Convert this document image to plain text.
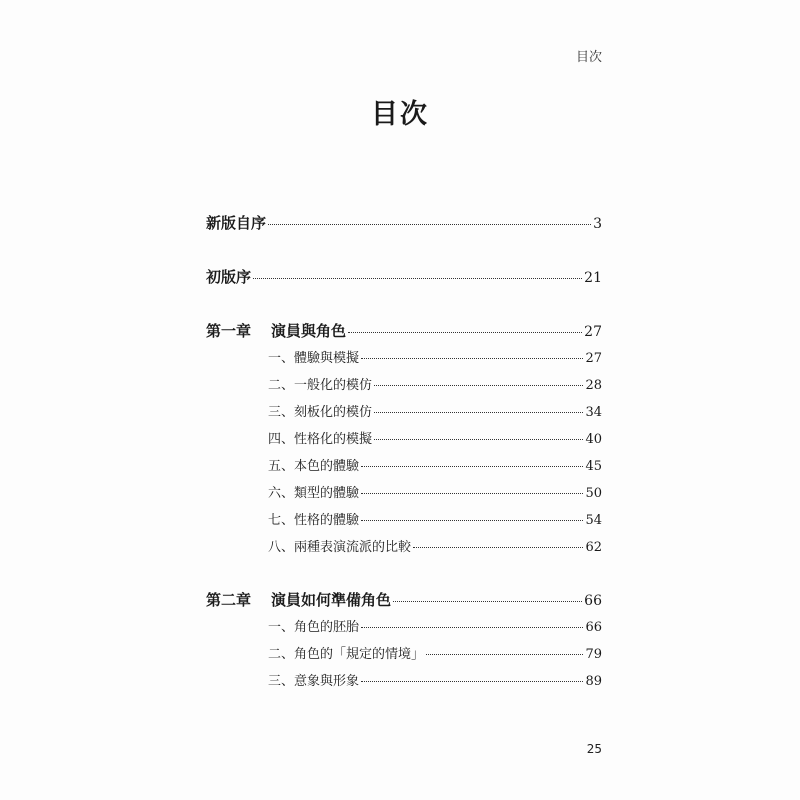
目次
目次
新版自序	3
初版序	21
第一章 演員與角色	27
一、體驗與模擬	27
二、一般化的模仿	28
三、刻板化的模仿	34
四、性格化的模擬	40
五、本色的體驗	45
六、類型的體驗	50
七、性格的體驗	54
八、兩種表演流派的比較	62
第二章 演員如何準備角色	66
一、角色的胚胎	66
二、角色的「規定的情境」	79
三、意象與形象	89
25
